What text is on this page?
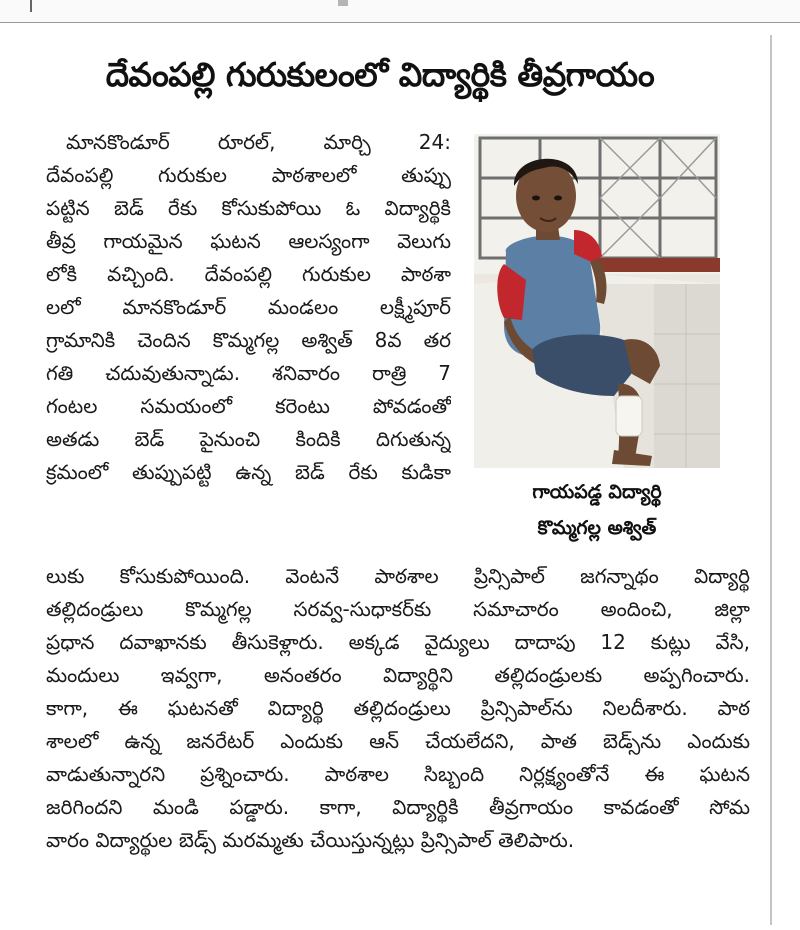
దేవంపల్లి గురుకులంలో విద్యార్థికి తీవ్రగాయం
మానకొండూర్ రూరల్, మార్చి 24:
దేవంపల్లి గురుకుల పాఠశాలలో తుప్పు
పట్టిన బెడ్ రేకు కోసుకుపోయి ఓ విద్యార్థికి
తీవ్ర గాయమైన ఘటన ఆలస్యంగా వెలుగు
లోకి వచ్చింది. దేవంపల్లి గురుకుల పాఠశా
లలో మానకొండూర్ మండలం లక్ష్మీపూర్
గ్రామానికి చెందిన కొమ్మగల్ల అశ్విత్ 8వ తర
గతి చదువుతున్నాడు. శనివారం రాత్రి 7
గంటల సమయంలో కరెంటు పోవడంతో
అతడు బెడ్ పైనుంచి కిందికి దిగుతున్న
క్రమంలో తుప్పుపట్టి ఉన్న బెడ్ రేకు కుడికా
గాయపడ్డ విద్యార్థి
కొమ్మగల్ల అశ్విత్
లుకు కోసుకుపోయింది. వెంటనే పాఠశాల ప్రిన్సిపాల్ జగన్నాథం విద్యార్థి
తల్లిదండ్రులు కొమ్మగల్ల సరవ్వ-సుధాకర్‌కు సమాచారం అందించి, జిల్లా
ప్రధాన దవాఖానకు తీసుకెళ్లారు. అక్కడ వైద్యులు దాదాపు 12 కుట్లు వేసి,
మందులు ఇవ్వగా, అనంతరం విద్యార్థిని తల్లిదండ్రులకు అప్పగించారు.
కాగా, ఈ ఘటనతో విద్యార్థి తల్లిదండ్రులు ప్రిన్సిపాల్‌ను నిలదీశారు. పాఠ
శాలలో ఉన్న జనరేటర్ ఎందుకు ఆన్ చేయలేదని, పాత బెడ్స్‌ను ఎందుకు
వాడుతున్నారని ప్రశ్నించారు. పాఠశాల సిబ్బంది నిర్లక్ష్యంతోనే ఈ ఘటన
జరిగిందని మండి పడ్డారు. కాగా, విద్యార్థికి తీవ్రగాయం కావడంతో సోమ
వారం విద్యార్థుల బెడ్స్ మరమ్మతు చేయిస్తున్నట్లు ప్రిన్సిపాల్ తెలిపారు.
